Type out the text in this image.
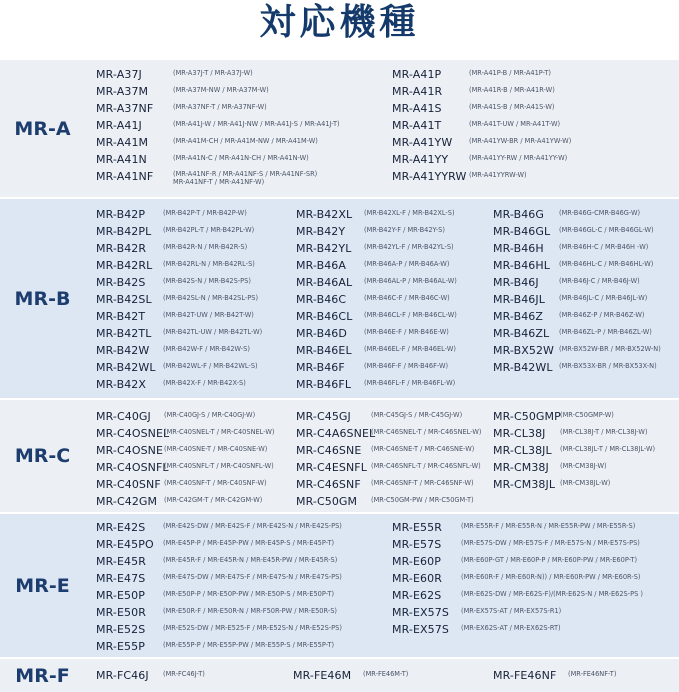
対応機種
MR-A
MR-A37J	(MR-A37J-T / MR-A37J-W)
MR-A37M	(MR-A37M-NW / MR-A37M-W)
MR-A37NF	(MR-A37NF-T / MR-A37NF-W)
MR-A41J	(MR-A41J-W / MR-A41J-NW / MR-A41J-S / MR-A41J-T)
MR-A41M	(MR-A41M-CH / MR-A41M-NW / MR-A41M-W)
MR-A41N	(MR-A41N-C / MR-A41N-CH / MR-A41N-W)
MR-A41NF	(MR-A41NF-R / MR-A41NF-S / MR-A41NF-SR)
MR-A41NF-T / MR-A41NF-W)
MR-A41P	(MR-A41P-B / MR-A41P-T)
MR-A41R	(MR-A41R-B / MR-A41R-W)
MR-A41S	(MR-A41S-B / MR-A41S-W)
MR-A41T	(MR-A41T-UW / MR-A41T-W)
MR-A41YW	(MR-A41YW-BR / MR-A41YW-W)
MR-A41YY	(MR-A41YY-RW / MR-A41YY-W)
MR-A41YYRW (MR-A41YYRW-W)
MR-B
MR-B42P	(MR-B42P-T / MR-B42P-W)
MR-B42PL (MR-B42PL-T / MR-B42PL-W)
MR-B42R	(MR-B42R-N / MR-B42R-S)
MR-B42RL (MR-B42RL-N / MR-B42RL-S)
MR-B42S	(MR-B42S-N / MR-B42S-PS)
MR-B42SL (MR-B42SL-N / MR-B42SL-PS)
MR-B42T	(MR-B42T-UW / MR-B42T-W)
MR-B42TL (MR-B42TL-UW / MR-B42TL-W)
MR-B42W (MR-B42W-F / MR-B42W-S)
MR-B42WL (MR-B42WL-F / MR-B42WL-S)
MR-B42X	(MR-B42X-F / MR-B42X-S)
MR-B42XL (MR-B42XL-F / MR-B42XL-S)
MR-B42Y	(MR-B42Y-F / MR-B42Y-S)
MR-B42YL (MR-B42YL-F / MR-B42YL-S)
MR-B46A	(MR-B46A-P / MR-B46A-W)
MR-B46AL (MR-B46AL-P / MR-B46AL-W)
MR-B46C	(MR-B46C-F / MR-B46C-W)
MR-B46CL (MR-B46CL-F / MR-B46CL-W)
MR-B46D	(MR-B46E-F / MR-B46E-W)
MR-B46EL (MR-B46EL-F / MR-B46EL-W)
MR-B46F	(MR-B46F-F / MR-B46F-W)
MR-B46FL (MR-B46FL-F / MR-B46FL-W)
MR-B46G (MR-B46G-CMR-B46G-W)
MR-B46GL (MR-B46GL-C / MR-B46GL-W)
MR-B46H (MR-B46H-C / MR-B46H -W)
MR-B46HL (MR-B46HL-C / MR-B46HL-W)
MR-B46J	(MR-B46J-C / MR-B46J-W)
MR-B46JL (MR-B46JL-C / MR-B46JL-W)
MR-B46Z (MR-B46Z-P / MR-B46Z-W)
MR-B46ZL (MR-B46ZL-P / MR-B46ZL-W)
MR-BX52W (MR-BX52W-BR / MR-BX52W-N)
MR-B42WL (MR-BX53X-BR / MR-BX53X-N)
MR-C
MR-C40GJ (MR-C40GJ-S / MR-C40GJ-W)
MR-C4OSNEL
(MR-C40SNEL-T / MR-C40SNEL-W)
MR-C4OSNE (MR-C40SNE-T / MR-C40SNE-W)
MR-C4OSNFL
(MR-C40SNFL-T / MR-C40SNFL-W)
MR-C40SNF (MR-C40SNF-T / MR-C40SNF-W)
MR-C42GM (MR-C42GM-T / MR-C42GM-W)
MR-C45GJ	(MR-C45GJ-S / MR-C45GJ-W)
MR-C4A6SNEL
(MR-C46SNEL-T / MR-C46SNEL-W)
MR-C46SNE (MR-C46SNE-T / MR-C46SNE-W)
MR-C4ESNFL (MR-C46SNFL-T / MR-C46SNFL-W)
MR-C46SNF (MR-C46SNF-T / MR-C46SNF-W)
MR-C50GM (MR-C50GM-PW / MR-C50GM-T)
MR-C50GMP (MR-C50GMP-W)
MR-CL38J (MR-CL38J-T / MR-CL38J-W)
MR-CL38JL (MR-CL38JL-T / MR-CL38JL-W)
MR-CM38J (MR-CM38J-W)
MR-CM38JL (MR-CM38JL-W)
MR-E
MR-E42S	(MR-E42S-DW / MR-E42S-F / MR-E42S-N / MR-E42S-PS)
MR-E45PO (MR-E45P-P / MR-E45P-PW / MR-E45P-S / MR-E45P-T)
MR-E45R	(MR-E45R-F / MR-E45R-N / MR-E45R-PW / MR-E45R-S)
MR-E47S	(MR-E47S-DW / MR-E47S-F / MR-E47S-N / MR-E47S-PS)
MR-E50P	(MR-E50P-P / MR-E50P-PW / MR-E50P-S / MR-E50P-T)
MR-E50R	(MR-E50R-F / MR-E50R-N / MR-F50R-PW / MR-E50R-S)
MR-E52S	(MR-E52S-DW / MR-E525-F / MR-E52S-N / MR-E52S-PS)
MR-E55P	(MR-E55P-P / MR-E55P-PW / MR-E55P-S / MR-E55P-T)
MR-E55R	(MR-E55R-F / MR-E55R-N / MR-E55R-PW / MR-E55R-S)
MR-E57S	(MR-E57S-DW / MR-E57S-F / MR-E57S-N / MR-E57S-PS)
MR-E60P	(MR-E60P-GT / MR-E60P-P / MR-E60P-PW / MR-E60P-T)
MR-E60R	(MR-E60R-F / MR-E60R-N)) / MR-E60R-PW / MR-E60R-S)
MR-E62S	(MR-E62S-DW / MR-E62S-F)/(MR-E62S-N / MR-E62S-PS )
MR-EX57S (MR-EX57S-AT / MR-EX57S-R1)
MR-EX57S (MR-EX62S-AT / MR-EX62S-RT)
MR-F	MR-FC46J (MR-FC46J-T)	MR-FE46M (MR-FE46M-T)	MR-FE46NF (MR-FE46NF-T)
